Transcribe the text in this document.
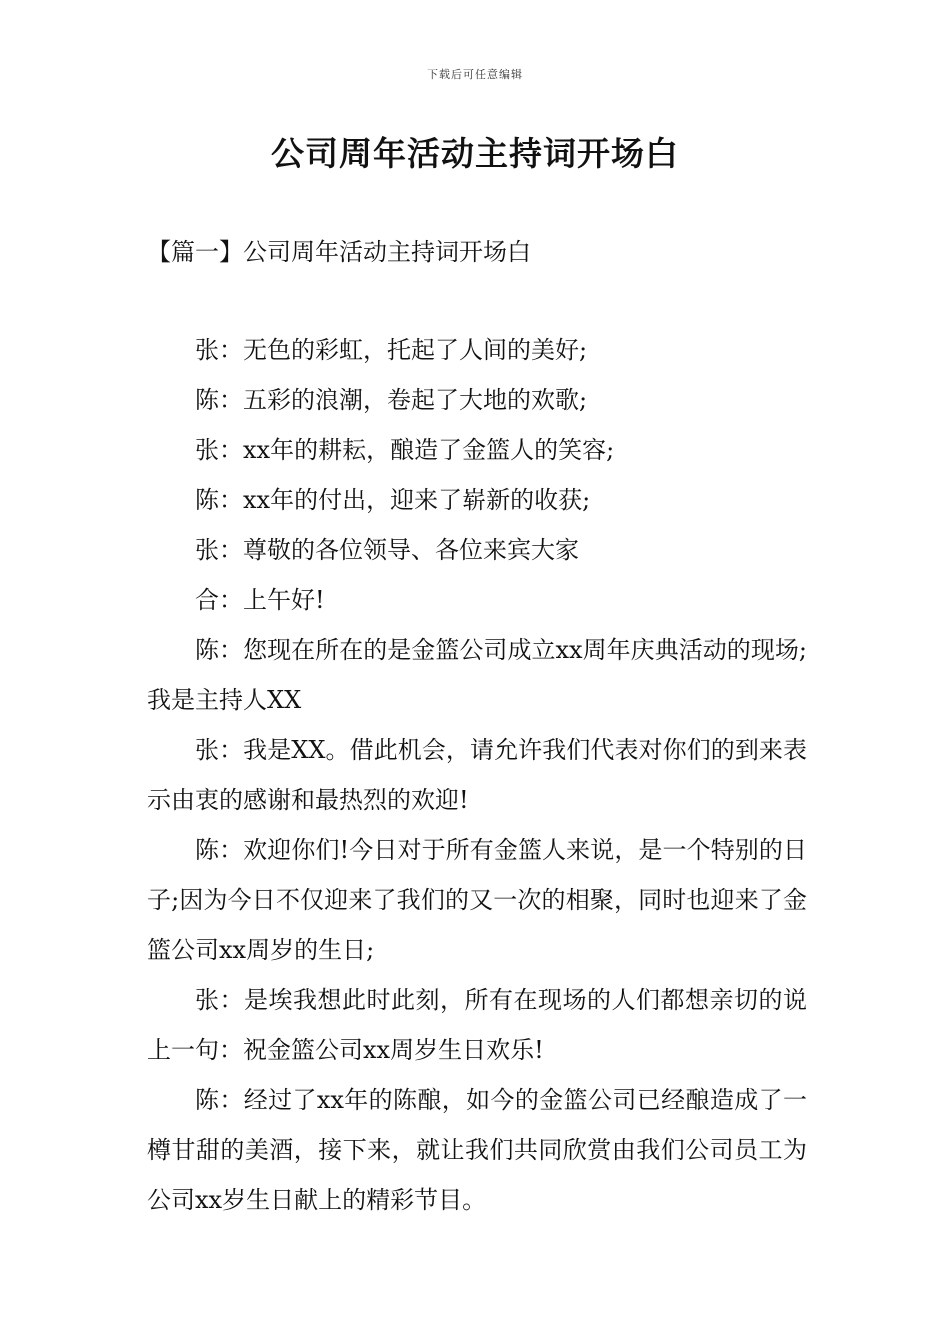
下载后可任意编辑
公司周年活动主持词开场白
【篇一】公司周年活动主持词开场白

张：无色的彩虹，托起了人间的美好;

陈：五彩的浪潮，卷起了大地的欢歌;

张：xx年的耕耘，酿造了金篮人的笑容;

陈：xx年的付出，迎来了崭新的收获;

张：尊敬的各位领导、各位来宾大家

合：上午好!

陈：您现在所在的是金篮公司成立xx周年庆典活动的现场;我是主持人XX

张：我是XX。借此机会，请允许我们代表对你们的到来表示由衷的感谢和最热烈的欢迎!

陈：欢迎你们!今日对于所有金篮人来说，是一个特别的日子;因为今日不仅迎来了我们的又一次的相聚，同时也迎来了金篮公司xx周岁的生日;

张：是埃我想此时此刻，所有在现场的人们都想亲切的说上一句：祝金篮公司xx周岁生日欢乐!

陈：经过了xx年的陈酿，如今的金篮公司已经酿造成了一樽甘甜的美酒，接下来，就让我们共同欣赏由我们公司员工为公司xx岁生日献上的精彩节目。
